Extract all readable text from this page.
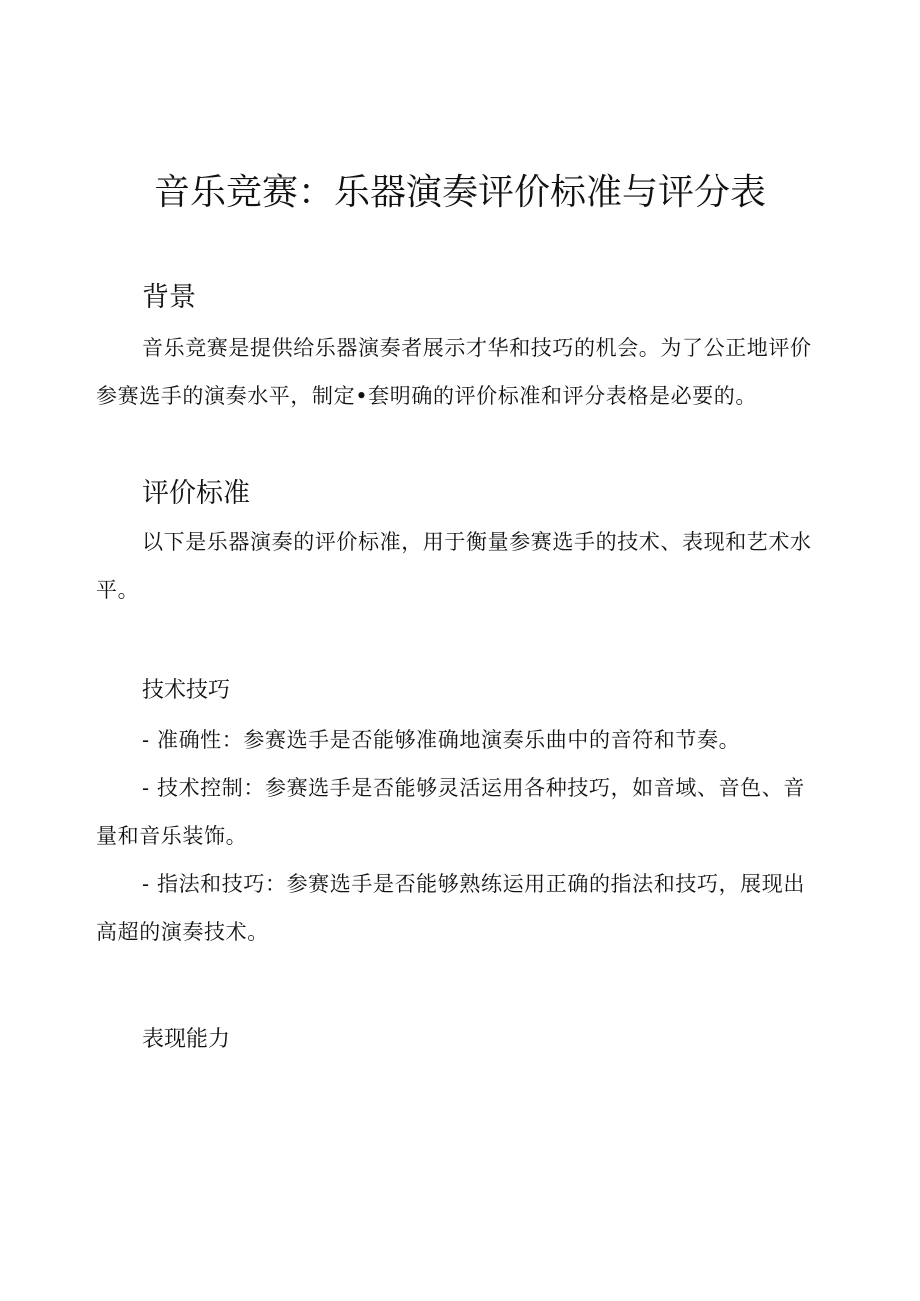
音乐竞赛：乐器演奏评价标准与评分表
背景

音乐竞赛是提供给乐器演奏者展示才华和技巧的机会。为了公正地评价参赛选手的演奏水平，制定•套明确的评价标准和评分表格是必要的。

评价标准

以下是乐器演奏的评价标准，用于衡量参赛选手的技术、表现和艺术水平。

技术技巧

- 准确性：参赛选手是否能够准确地演奏乐曲中的音符和节奏。

- 技术控制：参赛选手是否能够灵活运用各种技巧，如音域、音色、音量和音乐装饰。

- 指法和技巧：参赛选手是否能够熟练运用正确的指法和技巧，展现出高超的演奏技术。

表现能力
